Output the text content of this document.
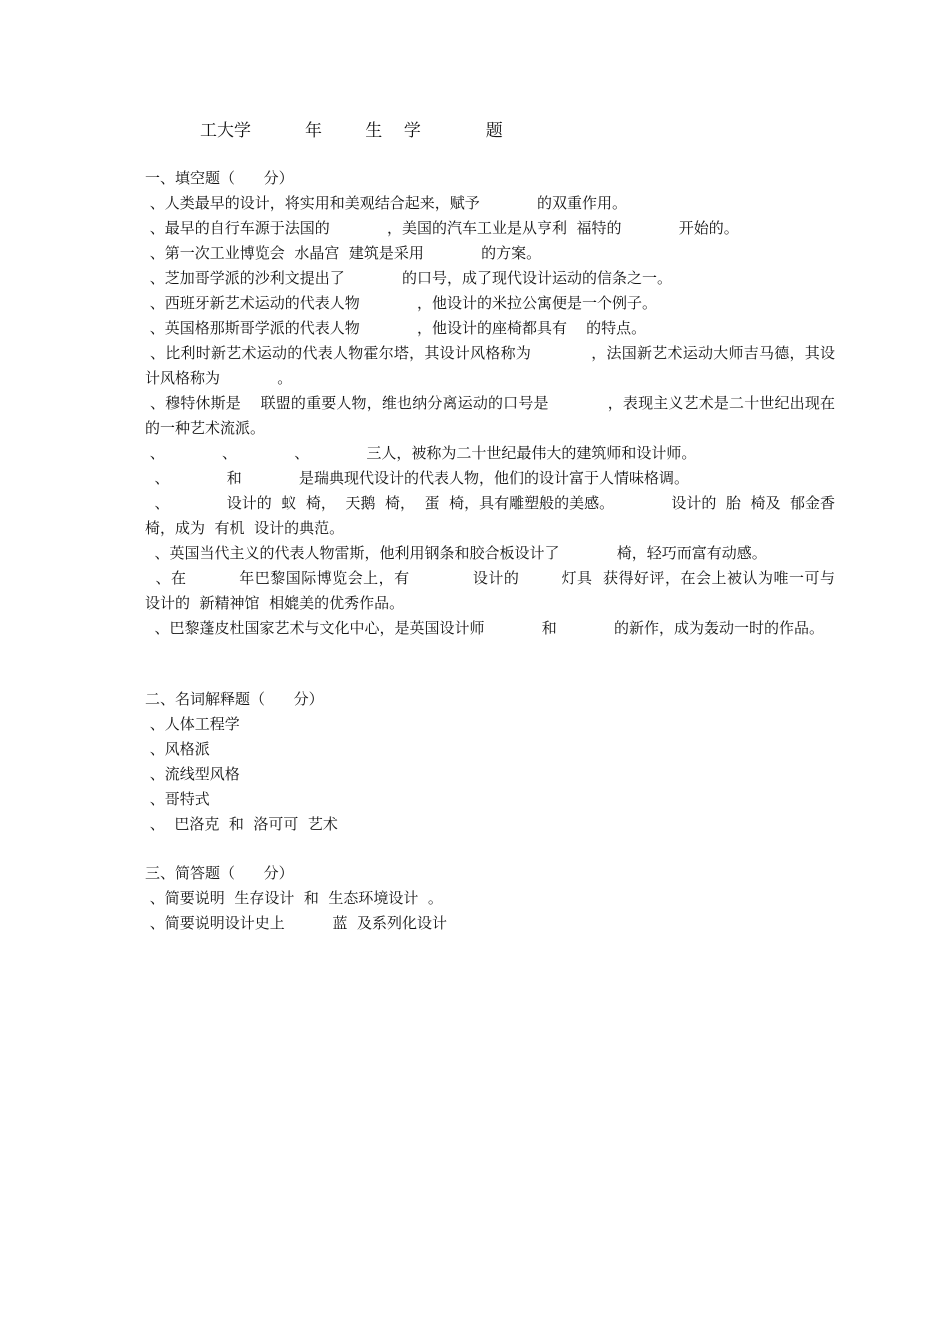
工大学          年        生    学            题
一、填空题（      分）
、人类最早的设计，将实用和美观结合起来，赋予            的双重作用。
、最早的自行车源于法国的            ，美国的汽车工业是从亨利  福特的            开始的。
、第一次工业博览会  水晶宫  建筑是采用            的方案。
、芝加哥学派的沙利文提出了            的口号，成了现代设计运动的信条之一。
、西班牙新艺术运动的代表人物            ，他设计的米拉公寓便是一个例子。
、英国格那斯哥学派的代表人物            ，他设计的座椅都具有    的特点。
、比利时新艺术运动的代表人物霍尔塔，其设计风格称为            ，法国新艺术运动大师吉马德，其设计风格称为            。
、穆特休斯是    联盟的重要人物，维也纳分离运动的口号是            ，表现主义艺术是二十世纪出现在            的一种艺术流派。
、            、            、            三人，被称为二十世纪最伟大的建筑师和设计师。
、            和            是瑞典现代设计的代表人物，他们的设计富于人情味格调。
、            设计的  蚁  椅，  天鹅  椅，  蛋  椅，具有雕塑般的美感。            设计的  胎  椅及  郁金香  椅，成为  有机  设计的典范。
、英国当代主义的代表人物雷斯，他利用钢条和胶合板设计了            椅，轻巧而富有动感。
、在          年巴黎国际博览会上，有            设计的        灯具  获得好评，在会上被认为唯一可与            设计的  新精神馆  相媲美的优秀作品。
、巴黎蓬皮杜国家艺术与文化中心，是英国设计师            和            的新作，成为轰动一时的作品。
二、名词解释题（      分）
、人体工程学
、风格派
、流线型风格
、哥特式
、  巴洛克  和  洛可可  艺术
三、简答题（      分）
、简要说明  生存设计  和  生态环境设计  。
、简要说明设计史上          蓝  及系列化设计
